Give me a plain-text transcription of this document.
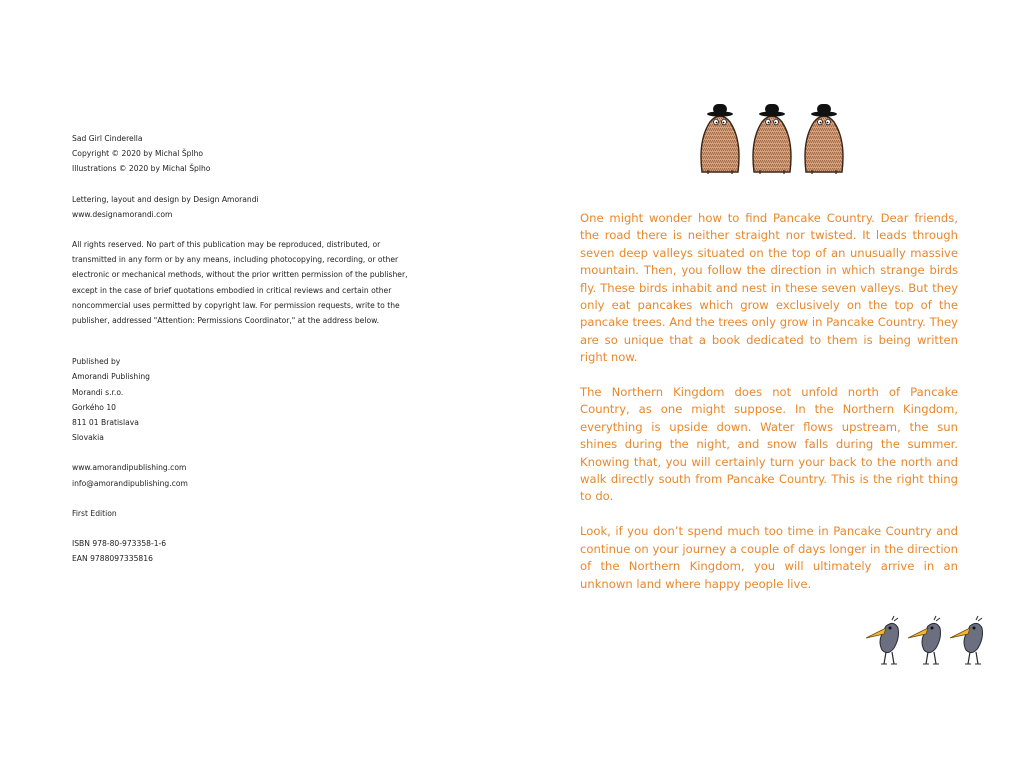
Sad Girl Cinderella
Copyright © 2020 by Michal Šplho
Illustrations © 2020 by Michal Šplho
Lettering, layout and design by Design Amorandi
www.designamorandi.com
All rights reserved. No part of this publication may be reproduced, distributed, or
transmitted in any form or by any means, including photocopying, recording, or other
electronic or mechanical methods, without the prior written permission of the publisher,
except in the case of brief quotations embodied in critical reviews and certain other
noncommercial uses permitted by copyright law. For permission requests, write to the
publisher, addressed "Attention: Permissions Coordinator," at the address below.
Published by
Amorandi Publishing
Morandi s.r.o.
Gorkého 10
811 01 Bratislava
Slovakia
www.amorandipublishing.com
info@amorandipublishing.com
First Edition
ISBN 978-80-973358-1-6
EAN 9788097335816

One might wonder how to find Pancake Country. Dear friends, the road there is neither straight nor twisted. It leads through seven deep valleys situated on the top of an unusually massive mountain. Then, you follow the direction in which strange birds fly. These birds inhabit and nest in these seven valleys. But they only eat pancakes which grow exclusively on the top of the pancake trees. And the trees only grow in Pancake Country. They are so unique that a book dedicated to them is being written right now.

The Northern Kingdom does not unfold north of Pancake Country, as one might suppose. In the Northern Kingdom, everything is upside down. Water flows upstream, the sun shines during the night, and snow falls during the summer. Knowing that, you will certainly turn your back to the north and walk directly south from Pancake Country. This is the right thing to do.

Look, if you don’t spend much too time in Pancake Country and continue on your journey a couple of days longer in the direction of the Northern Kingdom, you will ultimately arrive in an unknown land where happy people live.
